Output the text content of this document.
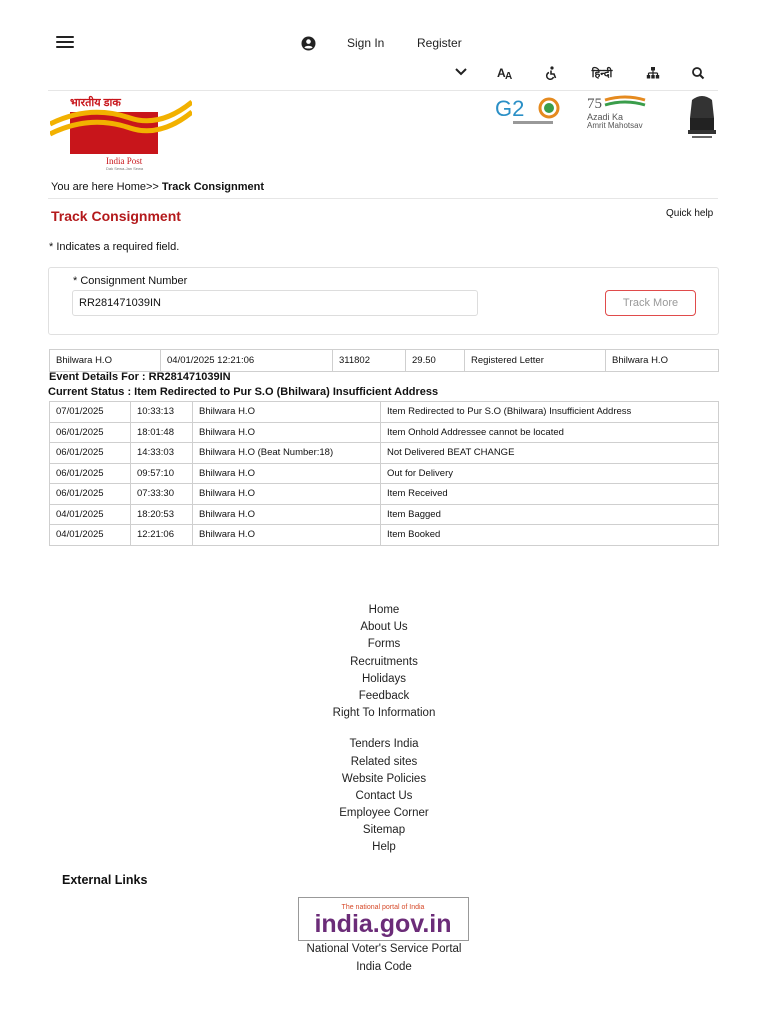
Sign In	Register
A A	हिन्दी
भारतीय डाक
India Post
Dak Sewa-Jan Sewa
G2	75
Azadi Ka
Amrit Mahotsav
You are here Home>> Track Consignment
Track Consignment	Quick help
* Indicates a required field.
* Consignment Number
RR281471039IN
Track More
Bhilwara H.O	04/01/2025 12:21:06	311802	29.50	Registered Letter	Bhilwara H.O
Event Details For : RR281471039IN
Current Status : Item Redirected to Pur S.O (Bhilwara) Insufficient Address
07/01/2025	10:33:13	Bhilwara H.O	Item Redirected to Pur S.O (Bhilwara) Insufficient Address
06/01/2025	18:01:48	Bhilwara H.O	Item Onhold Addressee cannot be located
06/01/2025	14:33:03	Bhilwara H.O (Beat Number:18)	Not Delivered BEAT CHANGE
06/01/2025	09:57:10	Bhilwara H.O	Out for Delivery
06/01/2025	07:33:30	Bhilwara H.O	Item Received
04/01/2025	18:20:53	Bhilwara H.O	Item Bagged
04/01/2025	12:21:06	Bhilwara H.O	Item Booked
Home
About Us
Forms
Recruitments
Holidays
Feedback
Right To Information
Tenders India
Related sites
Website Policies
Contact Us
Employee Corner
Sitemap
Help
External Links
The national portal of India
india.gov.in
National Voter's Service Portal
India Code
